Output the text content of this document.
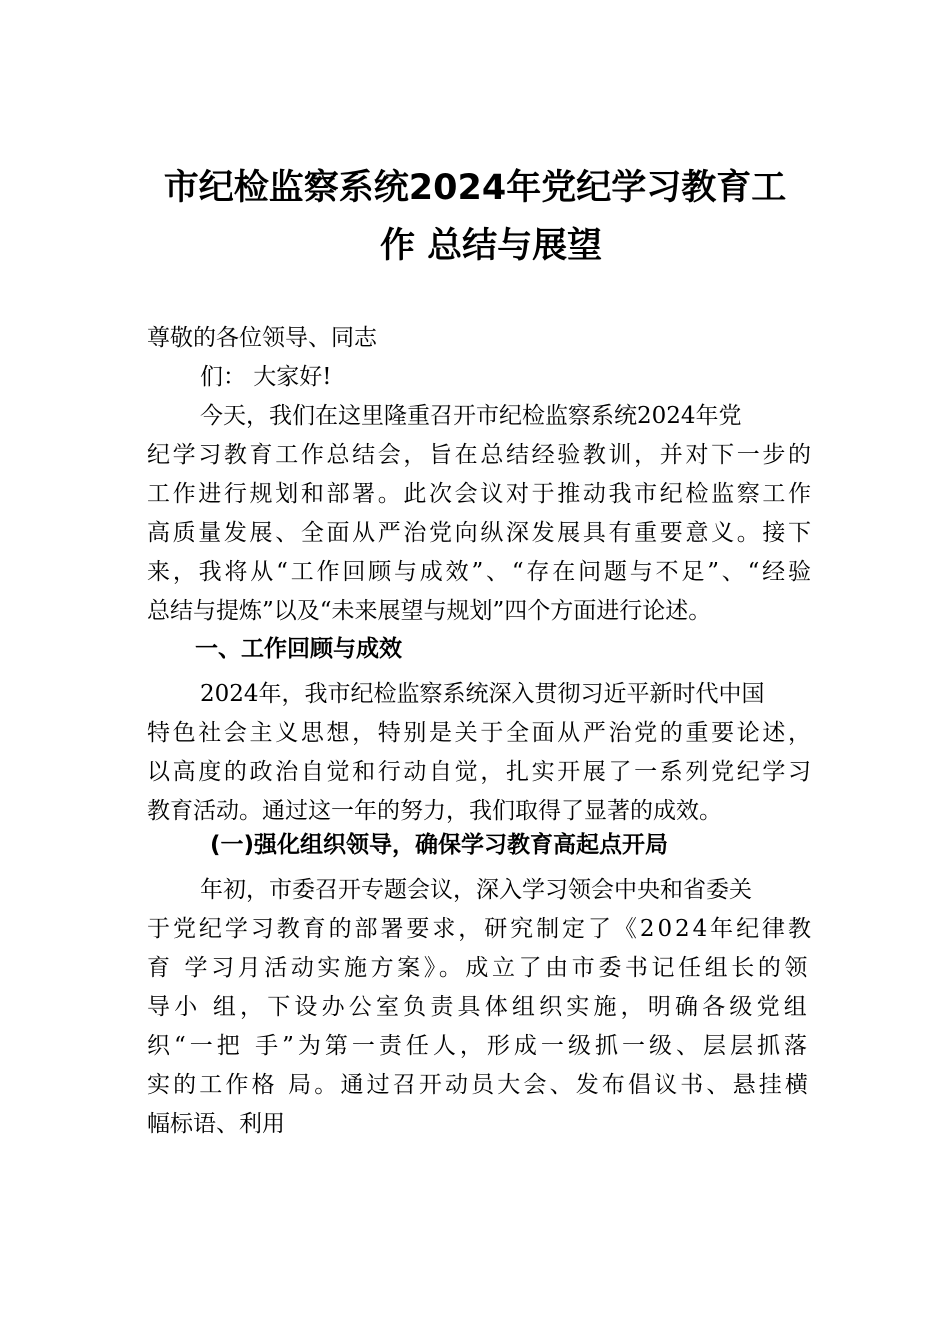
市纪检监察系统2024年党纪学习教育工
作 总结与展望
尊敬的各位领导、同志
们： 大家好!
今天，我们在这里隆重召开市纪检监察系统2024年党
纪学习教育工作总结会，旨在总结经验教训，并对下一步的
工作进行规划和部署。此次会议对于推动我市纪检监察工作
高质量发展、全面从严治党向纵深发展具有重要意义。接下
来，我将从“工作回顾与成效”、“存在问题与不足”、“经验
总结与提炼”以及“未来展望与规划”四个方面进行论述。
一、工作回顾与成效
2024年，我市纪检监察系统深入贯彻习近平新时代中国
特色社会主义思想，特别是关于全面从严治党的重要论述，
以高度的政治自觉和行动自觉，扎实开展了一系列党纪学习
教育活动。通过这一年的努力，我们取得了显著的成效。
(一)强化组织领导，确保学习教育高起点开局
年初，市委召开专题会议，深入学习领会中央和省委关
于党纪学习教育的部署要求，研究制定了《2024年纪律教
育 学习月活动实施方案》。成立了由市委书记任组长的领
导小 组，下设办公室负责具体组织实施，明确各级党组
织“一把 手”为第一责任人，形成一级抓一级、层层抓落
实的工作格 局。通过召开动员大会、发布倡议书、悬挂横
幅标语、利用
